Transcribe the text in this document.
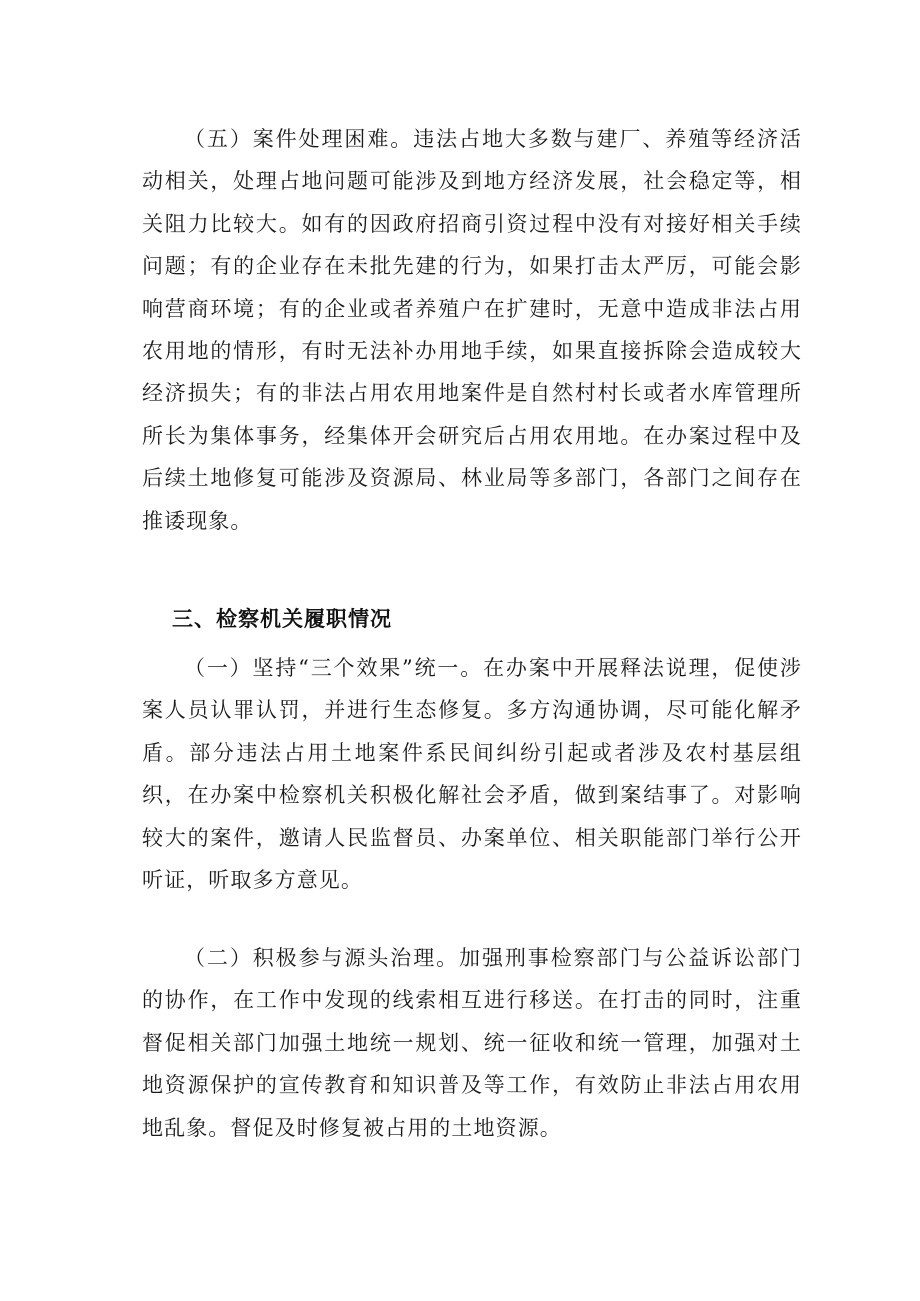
（五）案件处理困难。违法占地大多数与建厂、养殖等经济活动相关，处理占地问题可能涉及到地方经济发展，社会稳定等，相关阻力比较大。如有的因政府招商引资过程中没有对接好相关手续问题；有的企业存在未批先建的行为，如果打击太严厉，可能会影响营商环境；有的企业或者养殖户在扩建时，无意中造成非法占用农用地的情形，有时无法补办用地手续，如果直接拆除会造成较大经济损失；有的非法占用农用地案件是自然村村长或者水库管理所所长为集体事务，经集体开会研究后占用农用地。在办案过程中及后续土地修复可能涉及资源局、林业局等多部门，各部门之间存在推诿现象。

三、检察机关履职情况

（一）坚持“三个效果”统一。在办案中开展释法说理，促使涉案人员认罪认罚，并进行生态修复。多方沟通协调，尽可能化解矛盾。部分违法占用土地案件系民间纠纷引起或者涉及农村基层组织，在办案中检察机关积极化解社会矛盾，做到案结事了。对影响较大的案件，邀请人民监督员、办案单位、相关职能部门举行公开听证，听取多方意见。

（二）积极参与源头治理。加强刑事检察部门与公益诉讼部门的协作，在工作中发现的线索相互进行移送。在打击的同时，注重督促相关部门加强土地统一规划、统一征收和统一管理，加强对土地资源保护的宣传教育和知识普及等工作，有效防止非法占用农用地乱象。督促及时修复被占用的土地资源。
